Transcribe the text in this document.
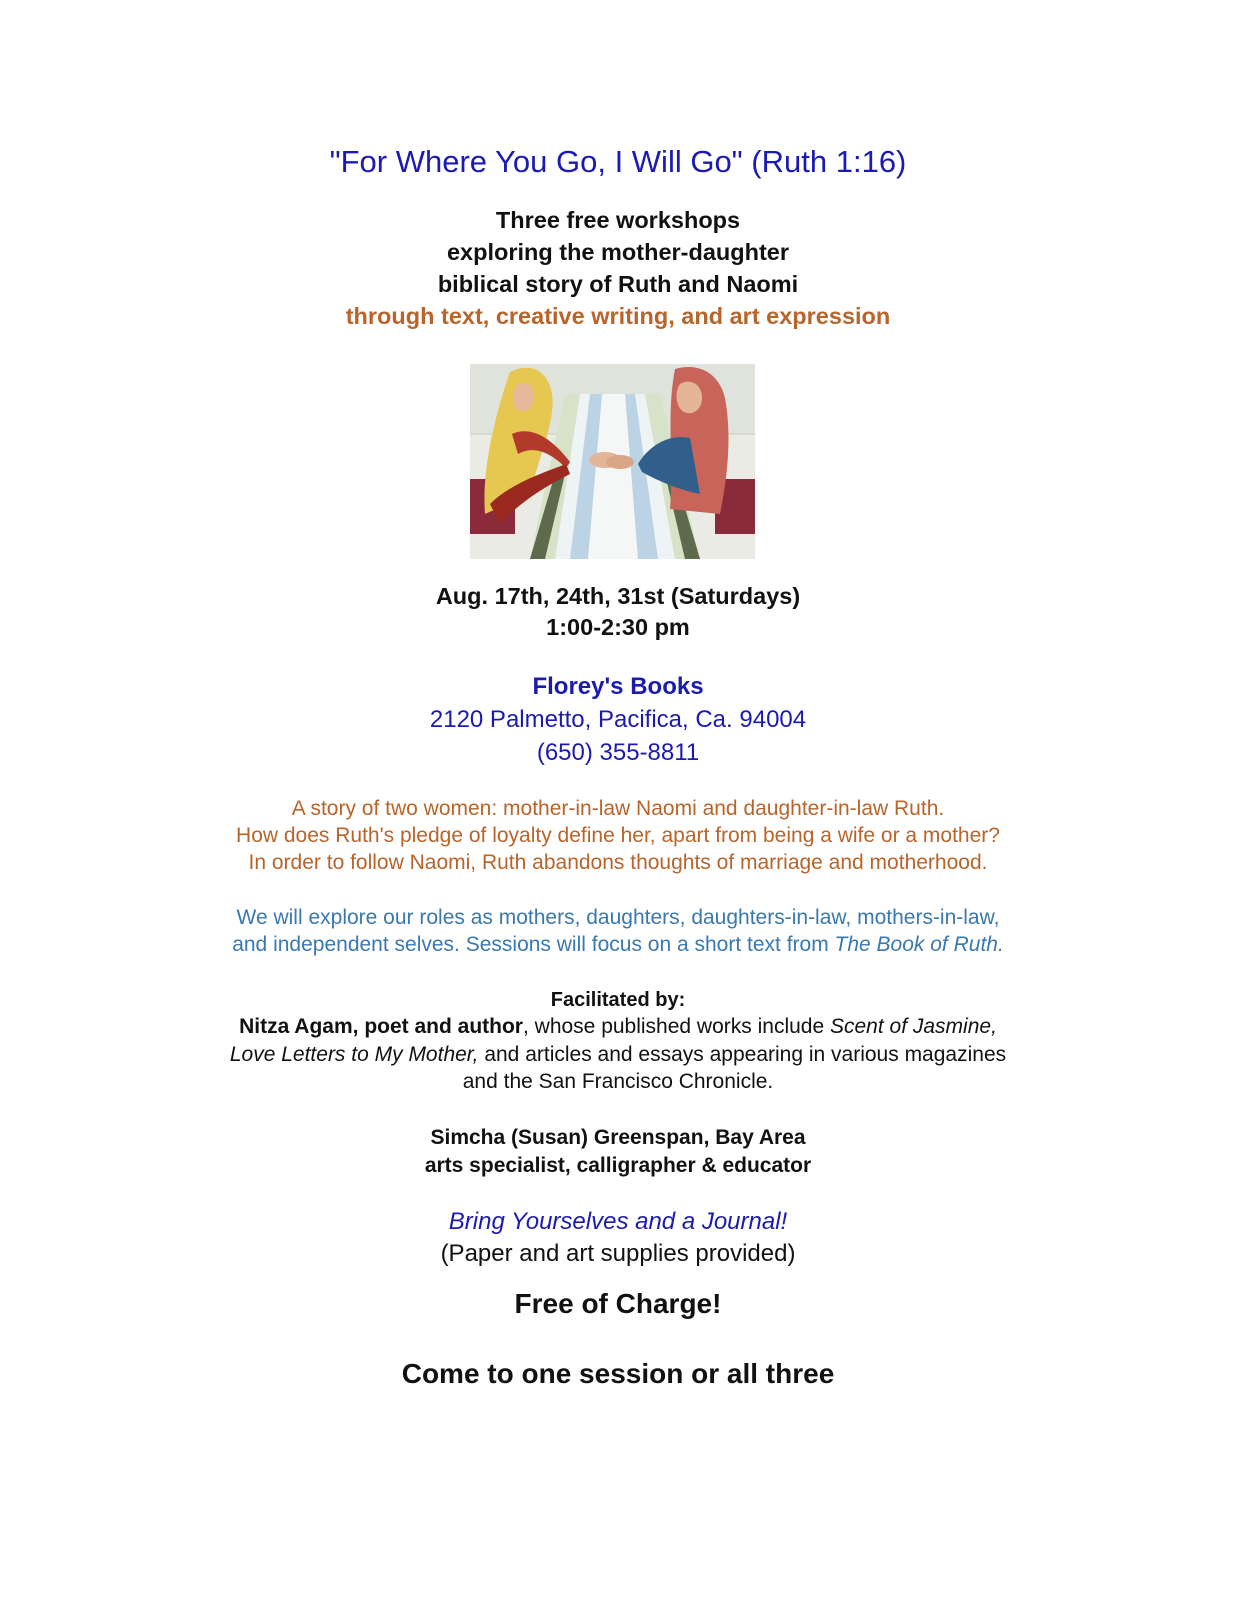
"For Where You Go, I Will Go" (Ruth 1:16)
Three free workshops
exploring the mother-daughter
biblical story of Ruth and Naomi
through text, creative writing, and art expression
Aug. 17th, 24th, 31st (Saturdays)
1:00-2:30 pm
Florey's Books
2120 Palmetto, Pacifica, Ca. 94004
(650) 355-8811
A story of two women: mother-in-law Naomi and daughter-in-law Ruth.
How does Ruth's pledge of loyalty define her, apart from being a wife or a mother?
In order to follow Naomi, Ruth abandons thoughts of marriage and motherhood.
We will explore our roles as mothers, daughters, daughters-in-law, mothers-in-law,
and independent selves. Sessions will focus on a short text from The Book of Ruth.
Facilitated by:
Nitza Agam, poet and author, whose published works include Scent of Jasmine,
Love Letters to My Mother, and articles and essays appearing in various magazines
and the San Francisco Chronicle.
Simcha (Susan) Greenspan, Bay Area
arts specialist, calligrapher & educator
Bring Yourselves and a Journal!
(Paper and art supplies provided)
Free of Charge!
Come to one session or all three
